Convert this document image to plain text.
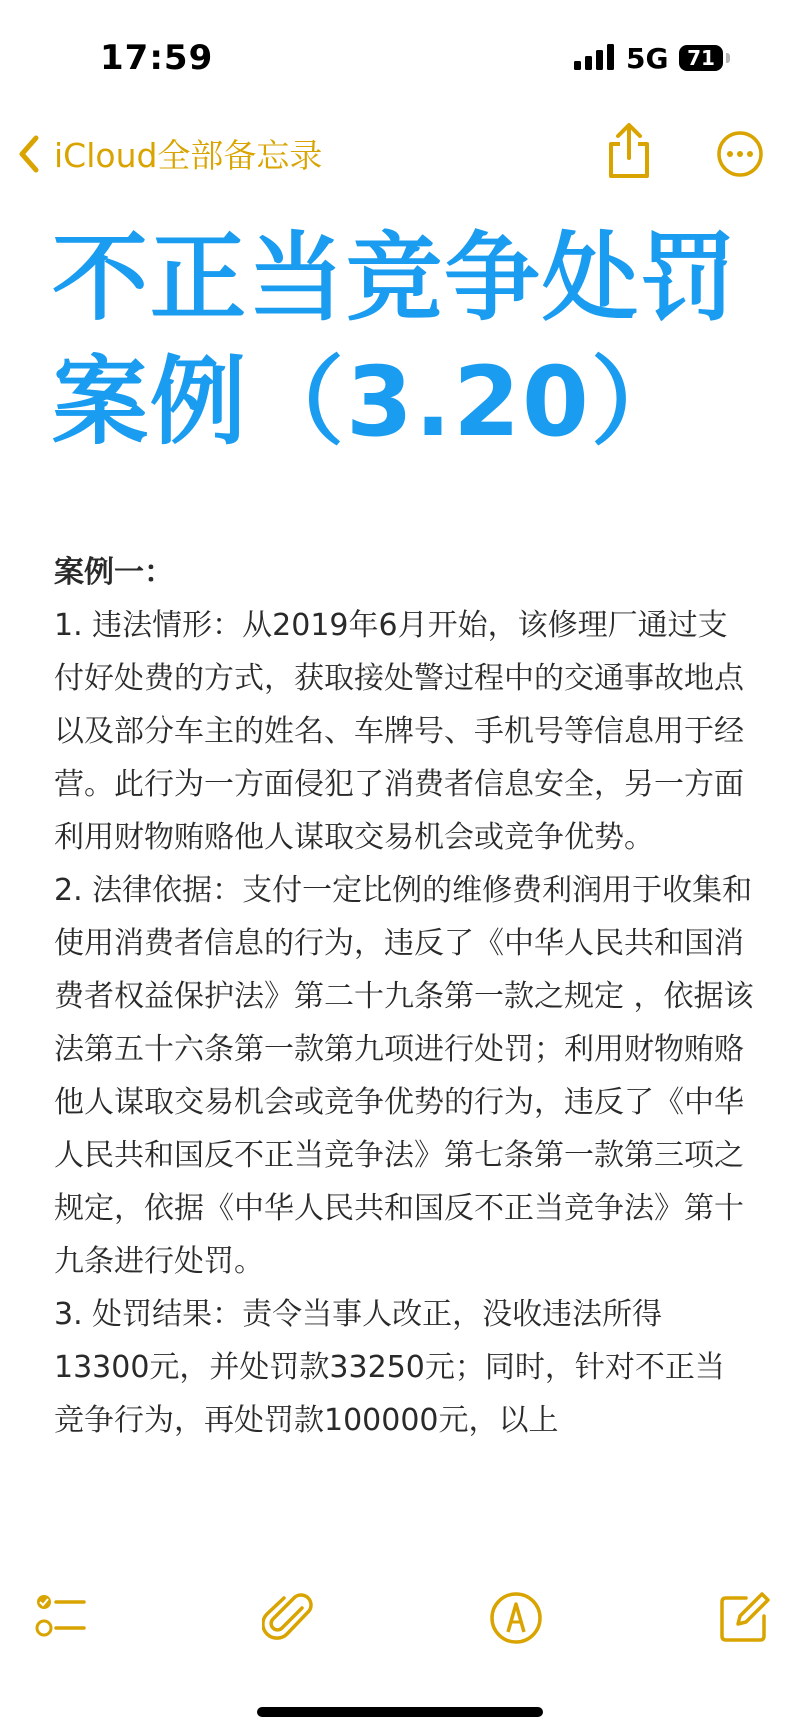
17:59	5G 71
iCloud全部备忘录
不正当竞争处罚案例（3.20）

案例一：

1. 违法情形：从2019年6月开始，该修理厂通过支付好处费的方式，获取接处警过程中的交通事故地点以及部分车主的姓名、车牌号、手机号等信息用于经营。此行为一方面侵犯了消费者信息安全，另一方面利用财物贿赂他人谋取交易机会或竞争优势。

2. 法律依据：支付一定比例的维修费利润用于收集和使用消费者信息的行为，违反了《中华人民共和国消费者权益保护法》第二十九条第一款之规定 ，依据该法第五十六条第一款第九项进行处罚；利用财物贿赂他人谋取交易机会或竞争优势的行为，违反了《中华人民共和国反不正当竞争法》第七条第一款第三项之规定，依据《中华人民共和国反不正当竞争法》第十九条进行处罚。

3. 处罚结果：责令当事人改正，没收违法所得13300元，并处罚款33250元；同时，针对不正当竞争行为，再处罚款100000元，以上
